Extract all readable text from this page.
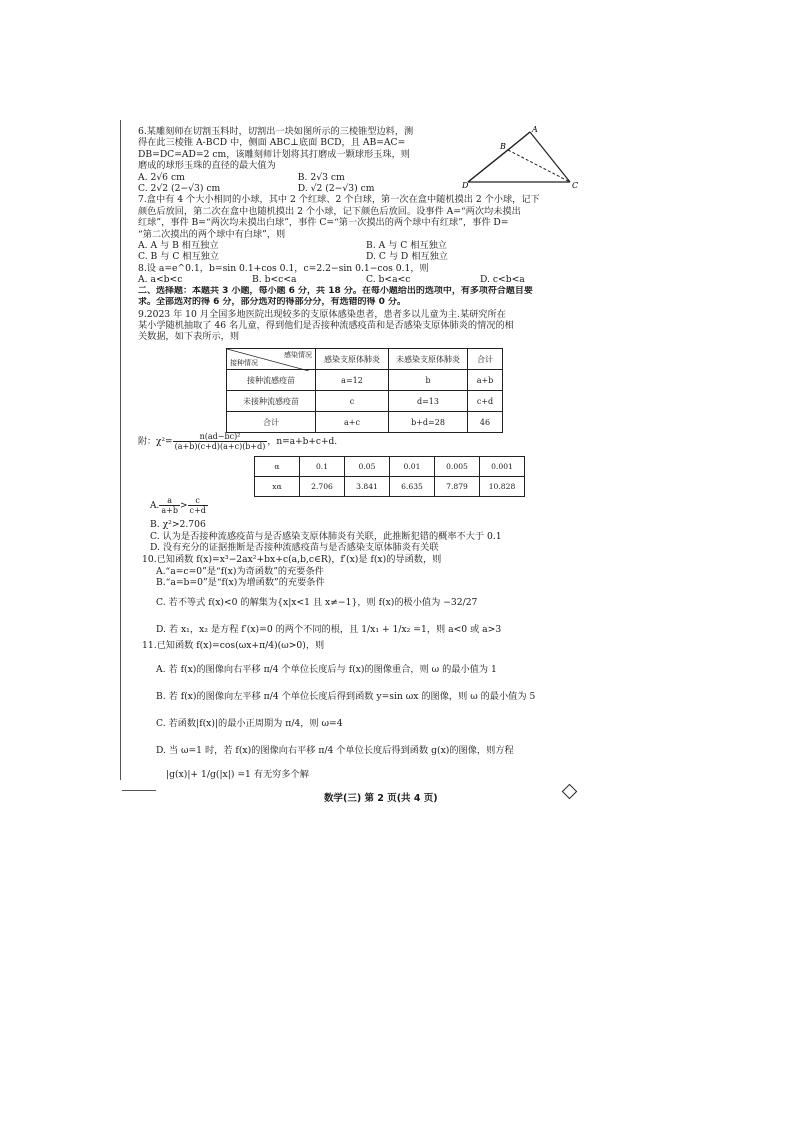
A
B
C
D
6.某雕刻师在切割玉料时，切割出一块如图所示的三棱锥型边料，测
得在此三棱锥 A-BCD 中，侧面 ABC⊥底面 BCD，且 AB=AC=
DB=DC=AD=2 cm，该雕刻师计划将其打磨成一颗球形玉珠，则
磨成的球形玉珠的直径的最大值为
A. 2√6 cm	B. 2√3 cm
C. 2√2 (2−√3) cm	D. √2 (2−√3) cm
7.盒中有 4 个大小相同的小球，其中 2 个红球、2 个白球，第一次在盒中随机摸出 2 个小球，记下
颜色后放回，第二次在盒中也随机摸出 2 个小球，记下颜色后放回。设事件 A=“两次均未摸出
红球”，事件 B=“两次均未摸出白球”，事件 C=“第一次摸出的两个球中有红球”，事件 D=
“第二次摸出的两个球中有白球”，则
A. A 与 B 相互独立	B. A 与 C 相互独立
C. B 与 C 相互独立	D. C 与 D 相互独立
8.设 a=e^0.1，b=sin 0.1+cos 0.1，c=2.2−sin 0.1−cos 0.1，则
A. a<b<c	B. b<c<a	C. b<a<c	D. c<b<a
二、选择题：本题共 3 小题，每小题 6 分，共 18 分。在每小题给出的选项中，有多项符合题目要
求。全部选对的得 6 分，部分选对的得部分分，有选错的得 0 分。
9.2023 年 10 月全国多地医院出现较多的支原体感染患者，患者多以儿童为主.某研究所在
某小学随机抽取了 46 名儿童，得到他们是否接种流感疫苗和是否感染支原体肺炎的情况的相
关数据，如下表所示，则
感染情况
接种情况	感染支原体肺炎	未感染支原体肺炎	合计
接种流感疫苗	a=12	b	a+b
未接种流感疫苗	c	d=13	c+d
合计	a+c	b+d=28	46
附：$\chi^2= \frac{\text{n(ad−bc)²}}{(a+b)(c+d)(a+c)(b+d)}$ ，n=a+b+c+d.
α	0.1	0.05	0.01	0.005	0.001
xα	2.706	3.841	6.635	7.879	10.828
A. $\frac{a}{a+b} > \frac{c}{c+d}$
B. χ²>2.706
C. 认为是否接种流感疫苗与是否感染支原体肺炎有关联，此推断犯错的概率不大于 0.1
D. 没有充分的证据推断是否接种流感疫苗与是否感染支原体肺炎有关联
10.已知函数 f(x)=x³−2ax²+bx+c(a,b,c∈R)，f′(x)是 f(x)的导函数，则
A.“a=c=0”是“f(x)为奇函数”的充要条件
B.“a=b=0”是“f(x)为增函数”的充要条件
C. 若不等式 f(x)<0 的解集为{x|x<1 且 x≠−1}，则 f(x)的极小值为 −32/27
D. 若 x₁，x₂ 是方程 f′(x)=0 的两个不同的根，且 1/x₁ + 1/x₂ =1，则 a<0 或 a>3
11.已知函数 f(x)=cos(ωx+π/4)(ω>0)，则
A. 若 f(x)的图像向右平移 π/4 个单位长度后与 f(x)的图像重合，则 ω 的最小值为 1
B. 若 f(x)的图像向左平移 π/4 个单位长度后得到函数 y=sin ωx 的图像，则 ω 的最小值为 5
C. 若函数|f(x)|的最小正周期为 π/4，则 ω=4
D. 当 ω=1 时，若 f(x)的图像向右平移 π/4 个单位长度后得到函数 g(x)的图像，则方程
|g(x)|+ 1/g(|x|) =1 有无穷多个解
数学(三) 第 2 页(共 4 页)
